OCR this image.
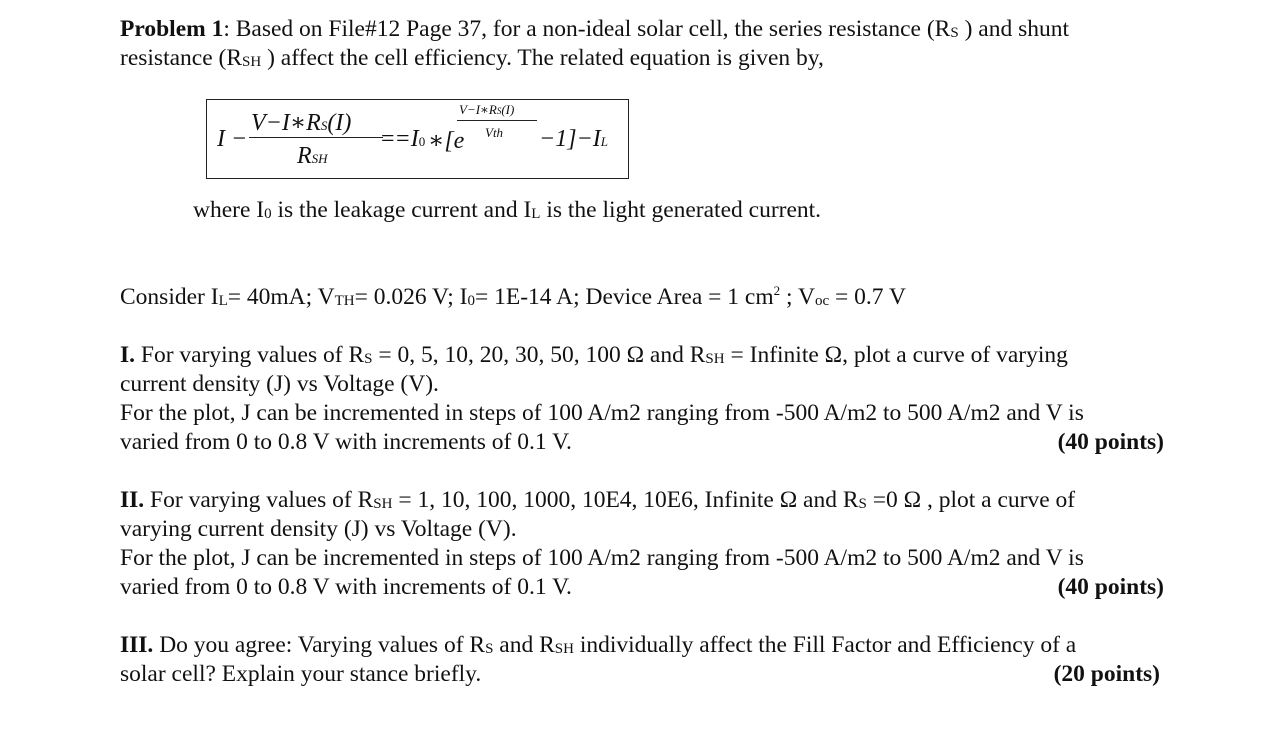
Problem 1: Based on File#12 Page 37, for a non-ideal solar cell, the series resistance (RS ) and shunt
resistance (RSH ) affect the cell efficiency. The related equation is given by,
I −
V−I∗RS(I)
RSH
==I0 ∗[e
V−I∗RS(I)
Vth −1]−IL
where I0 is the leakage current and IL is the light generated current.
Consider IL= 40mA; VTH= 0.026 V; I0= 1E-14 A; Device Area = 1 $cm^2$ ; Voc = 0.7 V
I. For varying values of RS = 0, 5, 10, 20, 30, 50, 100 Ω and RSH = Infinite Ω, plot a curve of varying
current density (J) vs Voltage (V).
For the plot, J can be incremented in steps of 100 A/m2 ranging from -500 A/m2 to 500 A/m2 and V is
varied from 0 to 0.8 V with increments of 0.1 V.	(40 points)
II. For varying values of RSH = 1, 10, 100, 1000, 10E4, 10E6, Infinite Ω and RS =0 Ω , plot a curve of
varying current density (J) vs Voltage (V).
For the plot, J can be incremented in steps of 100 A/m2 ranging from -500 A/m2 to 500 A/m2 and V is
varied from 0 to 0.8 V with increments of 0.1 V.	(40 points)
III. Do you agree: Varying values of RS and RSH individually affect the Fill Factor and Efficiency of a
solar cell? Explain your stance briefly.	(20 points)
